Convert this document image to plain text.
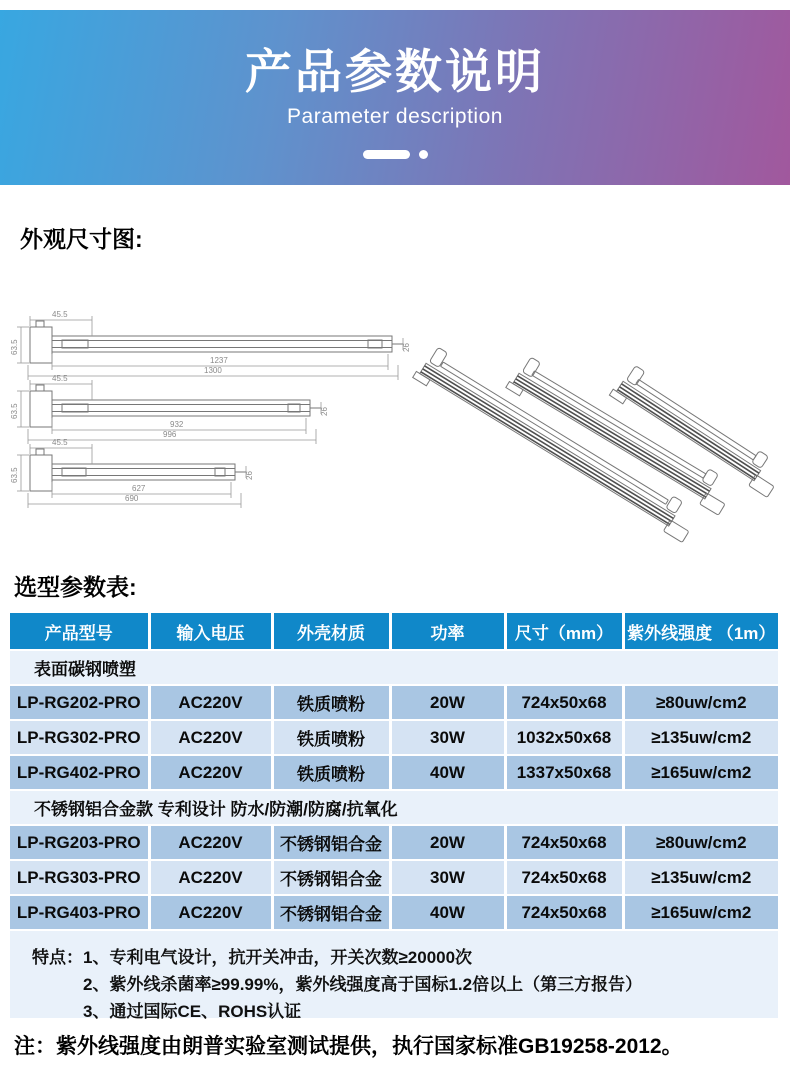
产品参数说明
Parameter description
外观尺寸图:
45.5
63.5	26
1237
1300
45.5
63.5	26
932
996
45.5
63.5	26
627
690
选型参数表:
产品型号	输入电压	外壳材质	功率	尺寸（mm）	紫外线强度 （1m）
表面碳钢喷塑					
LP-RG202-PRO	AC220V	铁质喷粉	20W	724x50x68	≥80uw/cm2
LP-RG302-PRO	AC220V	铁质喷粉	30W	1032x50x68	≥135uw/cm2
LP-RG402-PRO	AC220V	铁质喷粉	40W	1337x50x68	≥165uw/cm2
不锈钢铝合金款 专利设计 防水/防潮/防腐/抗氧化					
LP-RG203-PRO	AC220V	不锈钢铝合金	20W	724x50x68	≥80uw/cm2
LP-RG303-PRO	AC220V	不锈钢铝合金	30W	724x50x68	≥135uw/cm2
LP-RG403-PRO	AC220V	不锈钢铝合金	40W	724x50x68	≥165uw/cm2
特点： 1、专利电气设计，抗开关冲击，开关次数≥20000次
2、紫外线杀菌率≥99.99%，紫外线强度高于国标1.2倍以上（第三方报告）
3、通过国际CE、ROHS认证
注：紫外线强度由朗普实验室测试提供，执行国家标准GB19258-2012。
